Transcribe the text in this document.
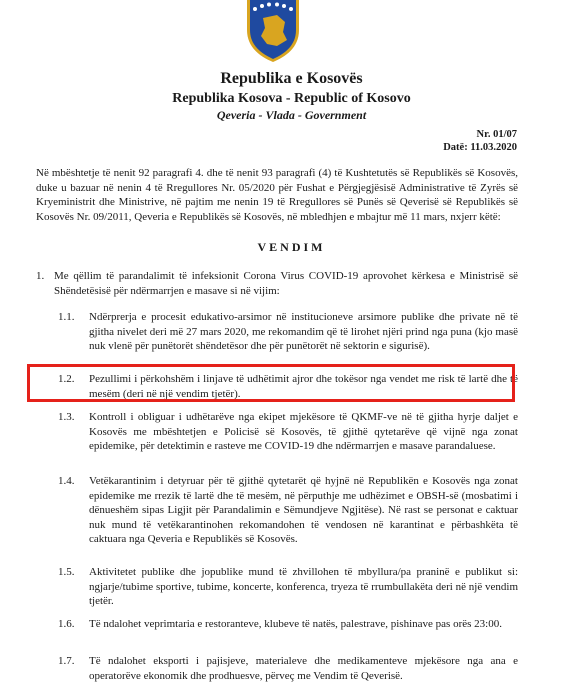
Republika e Kosovës
Republika Kosova - Republic of Kosovo
Qeveria - Vlada - Government
Nr. 01/07
Datë: 11.03.2020
Në mbështetje të nenit 92 paragrafi 4. dhe të nenit 93 paragrafi (4) të Kushtetutës së Republikës së Kosovës, duke u bazuar në nenin 4 të Rregullores Nr. 05/2020 për Fushat e Përgjegjësisë Administrative të Zyrës së Kryeministrit dhe Ministrive, në pajtim me nenin 19 të Rregullores së Punës së Qeverisë së Republikës së Kosovës Nr. 09/2011, Qeveria e Republikës së Kosovës, në mbledhjen e mbajtur më 11 mars, nxjerr këtë:
VENDIM
1. Me qëllim të parandalimit të infeksionit Corona Virus COVID-19 aprovohet kërkesa e Ministrisë së Shëndetësisë për ndërmarrjen e masave si në vijim:
1.1. Ndërprerja e procesit edukativo-arsimor në institucioneve arsimore publike dhe private në të gjitha nivelet deri më 27 mars 2020, me rekomandim që të lirohet njëri prind nga puna (kjo masë nuk vlenë për punëtorët shëndetësor dhe për punëtorët në sektorin e sigurisë).
1.2. Pezullimi i përkohshëm i linjave të udhëtimit ajror dhe tokësor nga vendet me risk të lartë dhe të mesëm (deri në një vendim tjetër).
1.3. Kontroll i obliguar i udhëtarëve nga ekipet mjekësore të QKMF-ve në të gjitha hyrje daljet e Kosovës me mbështetjen e Policisë së Kosovës, të gjithë qytetarëve që vijnë nga zonat epidemike, për detektimin e rasteve me COVID-19 dhe ndërmarrjen e masave parandaluese.
1.4. Vetëkarantinim i detyruar për të gjithë qytetarët që hyjnë në Republikën e Kosovës nga zonat epidemike me rrezik të lartë dhe të mesëm, në përputhje me udhëzimet e OBSH-së (mosbatimi i dënueshëm sipas Ligjit për Parandalimin e Sëmundjeve Ngjitëse). Në rast se personat e caktuar nuk mund të vetëkarantinohen rekomandohen të vendosen në karantinat e përbashkëta të caktuara nga Qeveria e Republikës së Kosovës.
1.5. Aktivitetet publike dhe jopublike mund të zhvillohen të mbyllura/pa praninë e publikut si: ngjarje/tubime sportive, tubime, koncerte, konferenca, tryeza të rrumbullakëta deri në një vendim tjetër.
1.6. Të ndalohet veprimtaria e restoranteve, klubeve të natës, palestrave, pishinave pas orës 23:00.
1.7. Të ndalohet eksporti i pajisjeve, materialeve dhe medikamenteve mjekësore nga ana e operatorëve ekonomik dhe prodhuesve, përveç me Vendim të Qeverisë.
